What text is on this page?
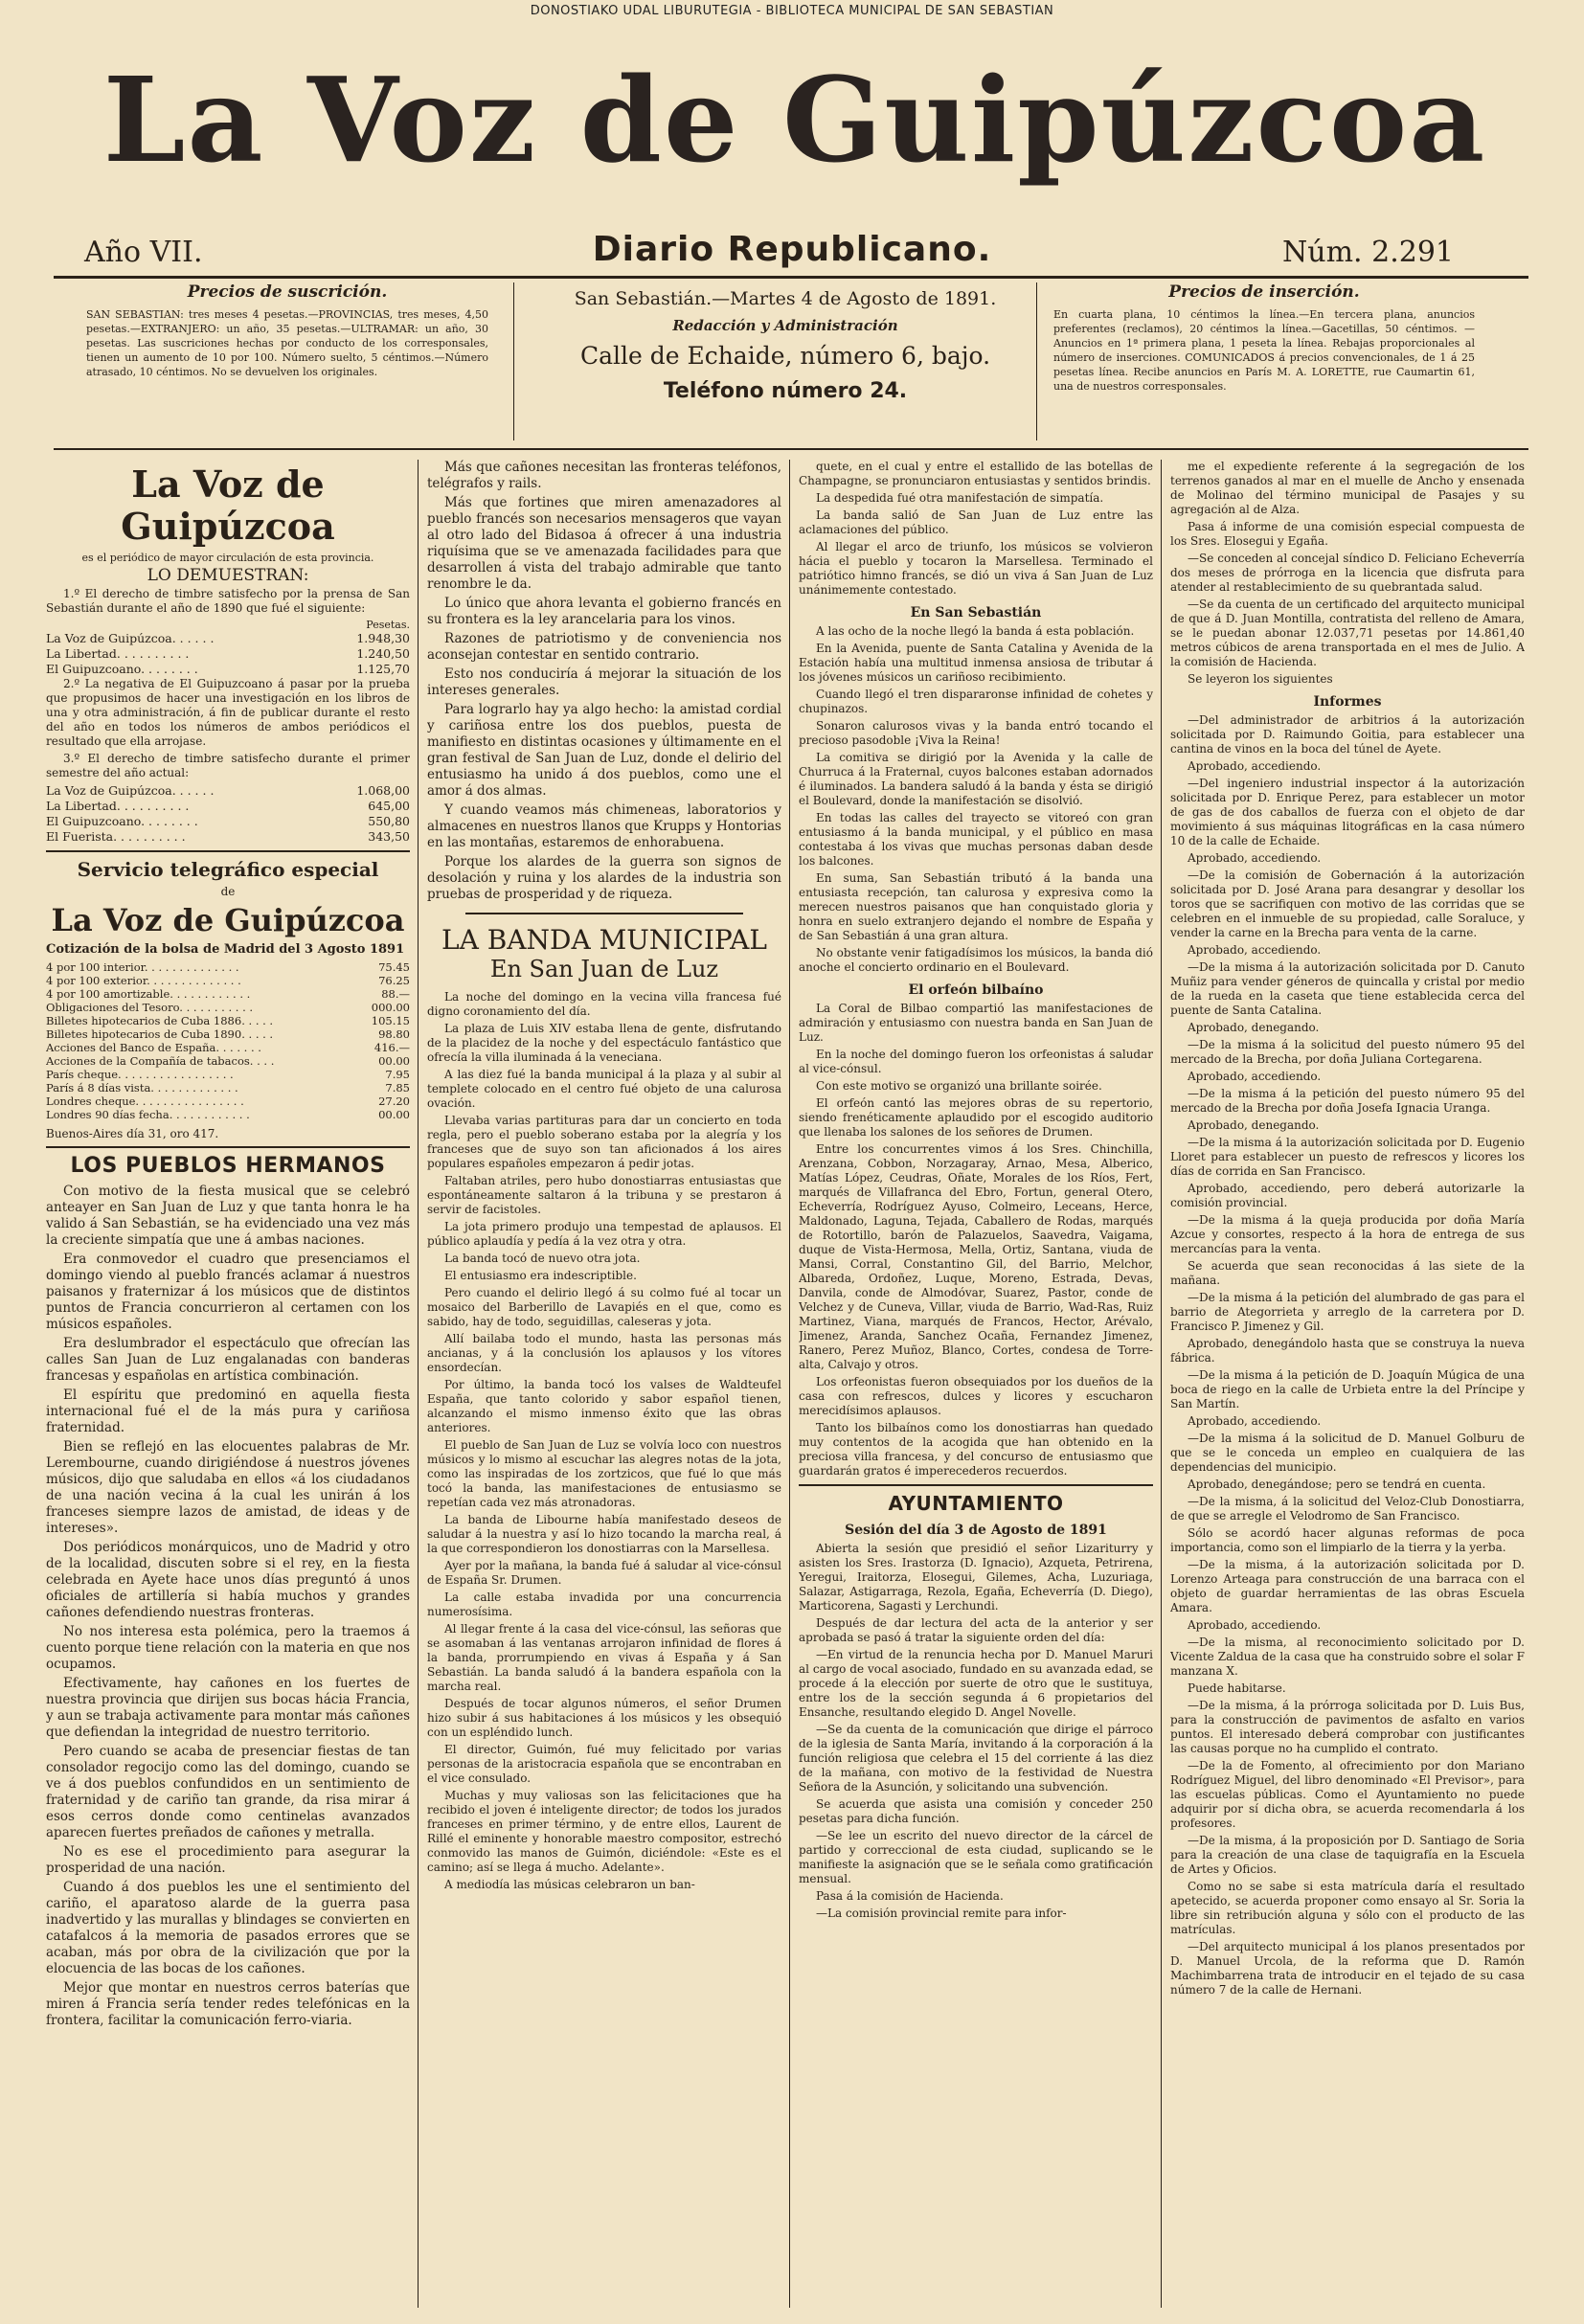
DONOSTIAKO UDAL LIBURUTEGIA - BIBLIOTECA MUNICIPAL DE SAN SEBASTIAN
La Voz de Guipúzcoa
Año VII.	Diario Republicano.	Núm. 2.291
Precios de suscrición.

SAN SEBASTIAN: tres meses 4 pesetas.—PROVINCIAS, tres meses, 4,50 pesetas.—EXTRANJERO: un año, 35 pesetas.—ULTRAMAR: un año, 30 pesetas. Las suscriciones hechas por conducto de los corresponsales, tienen un aumento de 10 por 100. Número suelto, 5 céntimos.—Número atrasado, 10 céntimos. No se devuelven los originales.

San Sebastián.—Martes 4 de Agosto de 1891.
Redacción y Administración
Calle de Echaide, número 6, bajo.
Teléfono número 24.
Precios de inserción.

En cuarta plana, 10 céntimos la línea.—En tercera plana, anuncios preferentes (reclamos), 20 céntimos la línea.—Gacetillas, 50 céntimos. —Anuncios en 1ª primera plana, 1 peseta la línea. Rebajas proporcionales al número de inserciones. COMUNICADOS á precios convencionales, de 1 á 25 pesetas línea. Recibe anuncios en París M. A. LORETTE, rue Caumartin 61, una de nuestros corresponsales.

La Voz de Guipúzcoa
es el periódico de mayor circulación de esta provincia.
LO DEMUESTRAN:

1.º El derecho de timbre satisfecho por la prensa de San Sebastián durante el año de 1890 que fué el siguiente:

Pesetas.
La Voz de Guipúzcoa. . . . . .	1.948,30
La Libertad. . . . . . . . . .	1.240,50
El Guipuzcoano. . . . . . . .	1.125,70

2.º La negativa de El Guipuzcoano á pasar por la prueba que propusimos de hacer una investigación en los libros de una y otra administración, á fin de publicar durante el resto del año en todos los números de ambos periódicos el resultado que ella arrojase.

3.º El derecho de timbre satisfecho durante el primer semestre del año actual:

La Voz de Guipúzcoa. . . . . .	1.068,00
La Libertad. . . . . . . . . .	645,00
El Guipuzcoano. . . . . . . .	550,80
El Fuerista. . . . . . . . . .	343,50
Servicio telegráfico especial
de
La Voz de Guipúzcoa
Cotización de la bolsa de Madrid del 3 Agosto 1891
4 por 100 interior. . . . . . . . . . . . . .	75.45
4 por 100 exterior. . . . . . . . . . . . . .	76.25
4 por 100 amortizable. . . . . . . . . . . .	88.—
Obligaciones del Tesoro. . . . . . . . . . .	000.00
Billetes hipotecarios de Cuba 1886. . . . .	105.15
Billetes hipotecarios de Cuba 1890. . . . .	98.80
Acciones del Banco de España. . . . . . .	416.—
Acciones de la Compañía de tabacos. . . .	00.00
París cheque. . . . . . . . . . . . . . . . .	7.95
París á 8 días vista. . . . . . . . . . . . .	7.85
Londres cheque. . . . . . . . . . . . . . . .	27.20
Londres 90 días fecha. . . . . . . . . . . .	00.00
Buenos-Aires día 31, oro 417.
LOS PUEBLOS HERMANOS

Con motivo de la fiesta musical que se celebró anteayer en San Juan de Luz y que tanta honra le ha valido á San Sebastián, se ha evidenciado una vez más la creciente simpatía que une á ambas naciones.

Era conmovedor el cuadro que presenciamos el domingo viendo al pueblo francés aclamar á nuestros paisanos y fraternizar á los músicos que de distintos puntos de Francia concurrieron al certamen con los músicos españoles.

Era deslumbrador el espectáculo que ofrecían las calles San Juan de Luz engalanadas con banderas francesas y españolas en artística combinación.

El espíritu que predominó en aquella fiesta internacional fué el de la más pura y cariñosa fraternidad.

Bien se reflejó en las elocuentes palabras de Mr. Lerembourne, cuando dirigiéndose á nuestros jóvenes músicos, dijo que saludaba en ellos «á los ciudadanos de una nación vecina á la cual les unirán á los franceses siempre lazos de amistad, de ideas y de intereses».

Dos periódicos monárquicos, uno de Madrid y otro de la localidad, discuten sobre si el rey, en la fiesta celebrada en Ayete hace unos días preguntó á unos oficiales de artillería si había muchos y grandes cañones defendiendo nuestras fronteras.

No nos interesa esta polémica, pero la traemos á cuento porque tiene relación con la materia en que nos ocupamos.

Efectivamente, hay cañones en los fuertes de nuestra provincia que dirijen sus bocas hácia Francia, y aun se trabaja activamente para montar más cañones que defiendan la integridad de nuestro territorio.

Pero cuando se acaba de presenciar fiestas de tan consolador regocijo como las del domingo, cuando se ve á dos pueblos confundidos en un sentimiento de fraternidad y de cariño tan grande, da risa mirar á esos cerros donde como centinelas avanzados aparecen fuertes preñados de cañones y metralla.

No es ese el procedimiento para asegurar la prosperidad de una nación.

Cuando á dos pueblos les une el sentimiento del cariño, el aparatoso alarde de la guerra pasa inadvertido y las murallas y blindages se convierten en catafalcos á la memoria de pasados errores que se acaban, más por obra de la civilización que por la elocuencia de las bocas de los cañones.

Mejor que montar en nuestros cerros baterías que miren á Francia sería tender redes telefónicas en la frontera, facilitar la comunicación ferro-viaria.

Más que cañones necesitan las fronteras teléfonos, telégrafos y rails.

Más que fortines que miren amenazadores al pueblo francés son necesarios mensageros que vayan al otro lado del Bidasoa á ofrecer á una industria riquísima que se ve amenazada facilidades para que desarrollen á vista del trabajo admirable que tanto renombre le da.

Lo único que ahora levanta el gobierno francés en su frontera es la ley arancelaria para los vinos.

Razones de patriotismo y de conveniencia nos aconsejan contestar en sentido contrario.

Esto nos conduciría á mejorar la situación de los intereses generales.

Para lograrlo hay ya algo hecho: la amistad cordial y cariñosa entre los dos pueblos, puesta de manifiesto en distintas ocasiones y últimamente en el gran festival de San Juan de Luz, donde el delirio del entusiasmo ha unido á dos pueblos, como une el amor á dos almas.

Y cuando veamos más chimeneas, laboratorios y almacenes en nuestros llanos que Krupps y Hontorias en las montañas, estaremos de enhorabuena.

Porque los alardes de la guerra son signos de desolación y ruina y los alardes de la industria son pruebas de prosperidad y de riqueza.

LA BANDA MUNICIPAL
En San Juan de Luz

La noche del domingo en la vecina villa francesa fué digno coronamiento del día.

La plaza de Luis XIV estaba llena de gente, disfrutando de la placidez de la noche y del espectáculo fantástico que ofrecía la villa iluminada á la veneciana.

A las diez fué la banda municipal á la plaza y al subir al templete colocado en el centro fué objeto de una calurosa ovación.

Llevaba varias partituras para dar un concierto en toda regla, pero el pueblo soberano estaba por la alegría y los franceses que de suyo son tan aficionados á los aires populares españoles empezaron á pedir jotas.

Faltaban atriles, pero hubo donostiarras entusiastas que espontáneamente saltaron á la tribuna y se prestaron á servir de facistoles.

La jota primero produjo una tempestad de aplausos. El público aplaudía y pedía á la vez otra y otra.

La banda tocó de nuevo otra jota.

El entusiasmo era indescriptible.

Pero cuando el delirio llegó á su colmo fué al tocar un mosaico del Barberillo de Lavapiés en el que, como es sabido, hay de todo, seguidillas, caleseras y jota.

Allí bailaba todo el mundo, hasta las personas más ancianas, y á la conclusión los aplausos y los vítores ensordecían.

Por último, la banda tocó los valses de Waldteufel España, que tanto colorido y sabor español tienen, alcanzando el mismo inmenso éxito que las obras anteriores.

El pueblo de San Juan de Luz se volvía loco con nuestros músicos y lo mismo al escuchar las alegres notas de la jota, como las inspiradas de los zortzicos, que fué lo que más tocó la banda, las manifestaciones de entusiasmo se repetían cada vez más atronadoras.

La banda de Libourne había manifestado deseos de saludar á la nuestra y así lo hizo tocando la marcha real, á la que correspondieron los donostiarras con la Marsellesa.

Ayer por la mañana, la banda fué á saludar al vice-cónsul de España Sr. Drumen.

La calle estaba invadida por una concurrencia numerosísima.

Al llegar frente á la casa del vice-cónsul, las señoras que se asomaban á las ventanas arrojaron infinidad de flores á la banda, prorrumpiendo en vivas á España y á San Sebastián. La banda saludó á la bandera española con la marcha real.

Después de tocar algunos números, el señor Drumen hizo subir á sus habitaciones á los músicos y les obsequió con un espléndido lunch.

El director, Guimón, fué muy felicitado por varias personas de la aristocracia española que se encontraban en el vice consulado.

Muchas y muy valiosas son las felicitaciones que ha recibido el joven é inteligente director; de todos los jurados franceses en primer término, y de entre ellos, Laurent de Rillé el eminente y honorable maestro compositor, estrechó conmovido las manos de Guimón, diciéndole: «Este es el camino; así se llega á mucho. Adelante».

A mediodía las músicas celebraron un ban-

quete, en el cual y entre el estallido de las botellas de Champagne, se pronunciaron entusiastas y sentidos brindis.

La despedida fué otra manifestación de simpatía.

La banda salió de San Juan de Luz entre las aclamaciones del público.

Al llegar el arco de triunfo, los músicos se volvieron hácia el pueblo y tocaron la Marsellesa. Terminado el patriótico himno francés, se dió un viva á San Juan de Luz unánimemente contestado.

En San Sebastián

A las ocho de la noche llegó la banda á esta población.

En la Avenida, puente de Santa Catalina y Avenida de la Estación había una multitud inmensa ansiosa de tributar á los jóvenes músicos un cariñoso recibimiento.

Cuando llegó el tren dispararonse infinidad de cohetes y chupinazos.

Sonaron calurosos vivas y la banda entró tocando el precioso pasodoble ¡Viva la Reina!

La comitiva se dirigió por la Avenida y la calle de Churruca á la Fraternal, cuyos balcones estaban adornados é iluminados. La bandera saludó á la banda y ésta se dirigió el Boulevard, donde la manifestación se disolvió.

En todas las calles del trayecto se vitoreó con gran entusiasmo á la banda municipal, y el público en masa contestaba á los vivas que muchas personas daban desde los balcones.

En suma, San Sebastián tributó á la banda una entusiasta recepción, tan calurosa y expresiva como la merecen nuestros paisanos que han conquistado gloria y honra en suelo extranjero dejando el nombre de España y de San Sebastián á una gran altura.

No obstante venir fatigadísimos los músicos, la banda dió anoche el concierto ordinario en el Boulevard.

El orfeón bilbaíno

La Coral de Bilbao compartió las manifestaciones de admiración y entusiasmo con nuestra banda en San Juan de Luz.

En la noche del domingo fueron los orfeonistas á saludar al vice-cónsul.

Con este motivo se organizó una brillante soirée.

El orfeón cantó las mejores obras de su repertorio, siendo frenéticamente aplaudido por el escogido auditorio que llenaba los salones de los señores de Drumen.

Entre los concurrentes vimos á los Sres. Chinchilla, Arenzana, Cobbon, Norzagaray, Arnao, Mesa, Alberico, Matías López, Ceudras, Oñate, Morales de los Ríos, Fert, marqués de Villafranca del Ebro, Fortun, general Otero, Echeverría, Rodríguez Ayuso, Colmeiro, Leceans, Herce, Maldonado, Laguna, Tejada, Caballero de Rodas, marqués de Rotortillo, barón de Palazuelos, Saavedra, Vaigama, duque de Vista-Hermosa, Mella, Ortiz, Santana, viuda de Mansi, Corral, Constantino Gil, del Barrio, Melchor, Albareda, Ordoñez, Luque, Moreno, Estrada, Devas, Danvila, conde de Almodóvar, Suarez, Pastor, conde de Velchez y de Cuneva, Villar, viuda de Barrio, Wad-Ras, Ruiz Martinez, Viana, marqués de Francos, Hector, Arévalo, Jimenez, Aranda, Sanchez Ocaña, Fernandez Jimenez, Ranero, Perez Muñoz, Blanco, Cortes, condesa de Torre-alta, Calvajo y otros.

Los orfeonistas fueron obsequiados por los dueños de la casa con refrescos, dulces y licores y escucharon merecidísimos aplausos.

Tanto los bilbaínos como los donostiarras han quedado muy contentos de la acogida que han obtenido en la preciosa villa francesa, y del concurso de entusiasmo que guardarán gratos é imperecederos recuerdos.

AYUNTAMIENTO
Sesión del día 3 de Agosto de 1891

Abierta la sesión que presidió el señor Lizariturry y asisten los Sres. Irastorza (D. Ignacio), Azqueta, Petrirena, Yeregui, Iraitorza, Elosegui, Gilemes, Acha, Luzuriaga, Salazar, Astigarraga, Rezola, Egaña, Echeverría (D. Diego), Marticorena, Sagasti y Lerchundi.

Después de dar lectura del acta de la anterior y ser aprobada se pasó á tratar la siguiente orden del día:

—En virtud de la renuncia hecha por D. Manuel Maruri al cargo de vocal asociado, fundado en su avanzada edad, se procede á la elección por suerte de otro que le sustituya, entre los de la sección segunda á 6 propietarios del Ensanche, resultando elegido D. Angel Novelle.

—Se da cuenta de la comunicación que dirige el párroco de la iglesia de Santa María, invitando á la corporación á la función religiosa que celebra el 15 del corriente á las diez de la mañana, con motivo de la festividad de Nuestra Señora de la Asunción, y solicitando una subvención.

Se acuerda que asista una comisión y conceder 250 pesetas para dicha función.

—Se lee un escrito del nuevo director de la cárcel de partido y correccional de esta ciudad, suplicando se le manifieste la asignación que se le señala como gratificación mensual.

Pasa á la comisión de Hacienda.

—La comisión provincial remite para infor-

me el expediente referente á la segregación de los terrenos ganados al mar en el muelle de Ancho y ensenada de Molinao del término municipal de Pasajes y su agregación al de Alza.

Pasa á informe de una comisión especial compuesta de los Sres. Elosegui y Egaña.

—Se conceden al concejal síndico D. Feliciano Echeverría dos meses de prórroga en la licencia que disfruta para atender al restablecimiento de su quebrantada salud.

—Se da cuenta de un certificado del arquitecto municipal de que á D. Juan Montilla, contratista del relleno de Amara, se le puedan abonar 12.037,71 pesetas por 14.861,40 metros cúbicos de arena transportada en el mes de Julio. A la comisión de Hacienda.

Se leyeron los siguientes

Informes

—Del administrador de arbitrios á la autorización solicitada por D. Raimundo Goitia, para establecer una cantina de vinos en la boca del túnel de Ayete.

Aprobado, accediendo.

—Del ingeniero industrial inspector á la autorización solicitada por D. Enrique Perez, para establecer un motor de gas de dos caballos de fuerza con el objeto de dar movimiento á sus máquinas litográficas en la casa número 10 de la calle de Echaide.

Aprobado, accediendo.

—De la comisión de Gobernación á la autorización solicitada por D. José Arana para desangrar y desollar los toros que se sacrifiquen con motivo de las corridas que se celebren en el inmueble de su propiedad, calle Soraluce, y vender la carne en la Brecha para venta de la carne.

Aprobado, accediendo.

—De la misma á la autorización solicitada por D. Canuto Muñiz para vender géneros de quincalla y cristal por medio de la rueda en la caseta que tiene establecida cerca del puente de Santa Catalina.

Aprobado, denegando.

—De la misma á la solicitud del puesto número 95 del mercado de la Brecha, por doña Juliana Cortegarena.

Aprobado, accediendo.

—De la misma á la petición del puesto número 95 del mercado de la Brecha por doña Josefa Ignacia Uranga.

Aprobado, denegando.

—De la misma á la autorización solicitada por D. Eugenio Lloret para establecer un puesto de refrescos y licores los días de corrida en San Francisco.

Aprobado, accediendo, pero deberá autorizarle la comisión provincial.

—De la misma á la queja producida por doña María Azcue y consortes, respecto á la hora de entrega de sus mercancías para la venta.

Se acuerda que sean reconocidas á las siete de la mañana.

—De la misma á la petición del alumbrado de gas para el barrio de Ategorrieta y arreglo de la carretera por D. Francisco P. Jimenez y Gil.

Aprobado, denegándolo hasta que se construya la nueva fábrica.

—De la misma á la petición de D. Joaquín Múgica de una boca de riego en la calle de Urbieta entre la del Príncipe y San Martín.

Aprobado, accediendo.

—De la misma á la solicitud de D. Manuel Golburu de que se le conceda un empleo en cualquiera de las dependencias del municipio.

Aprobado, denegándose; pero se tendrá en cuenta.

—De la misma, á la solicitud del Veloz-Club Donostiarra, de que se arregle el Velodromo de San Francisco.

Sólo se acordó hacer algunas reformas de poca importancia, como son el limpiarlo de la tierra y la yerba.

—De la misma, á la autorización solicitada por D. Lorenzo Arteaga para construcción de una barraca con el objeto de guardar herramientas de las obras Escuela Amara.

Aprobado, accediendo.

—De la misma, al reconocimiento solicitado por D. Vicente Zaldua de la casa que ha construido sobre el solar F manzana X.

Puede habitarse.

—De la misma, á la prórroga solicitada por D. Luis Bus, para la construcción de pavimentos de asfalto en varios puntos. El interesado deberá comprobar con justificantes las causas porque no ha cumplido el contrato.

—De la de Fomento, al ofrecimiento por don Mariano Rodríguez Miguel, del libro denominado «El Previsor», para las escuelas públicas. Como el Ayuntamiento no puede adquirir por sí dicha obra, se acuerda recomendarla á los profesores.

—De la misma, á la proposición por D. Santiago de Soria para la creación de una clase de taquigrafía en la Escuela de Artes y Oficios.

Como no se sabe si esta matrícula daría el resultado apetecido, se acuerda proponer como ensayo al Sr. Soria la libre sin retribución alguna y sólo con el producto de las matrículas.

—Del arquitecto municipal á los planos presentados por D. Manuel Urcola, de la reforma que D. Ramón Machimbarrena trata de introducir en el tejado de su casa número 7 de la calle de Hernani.
